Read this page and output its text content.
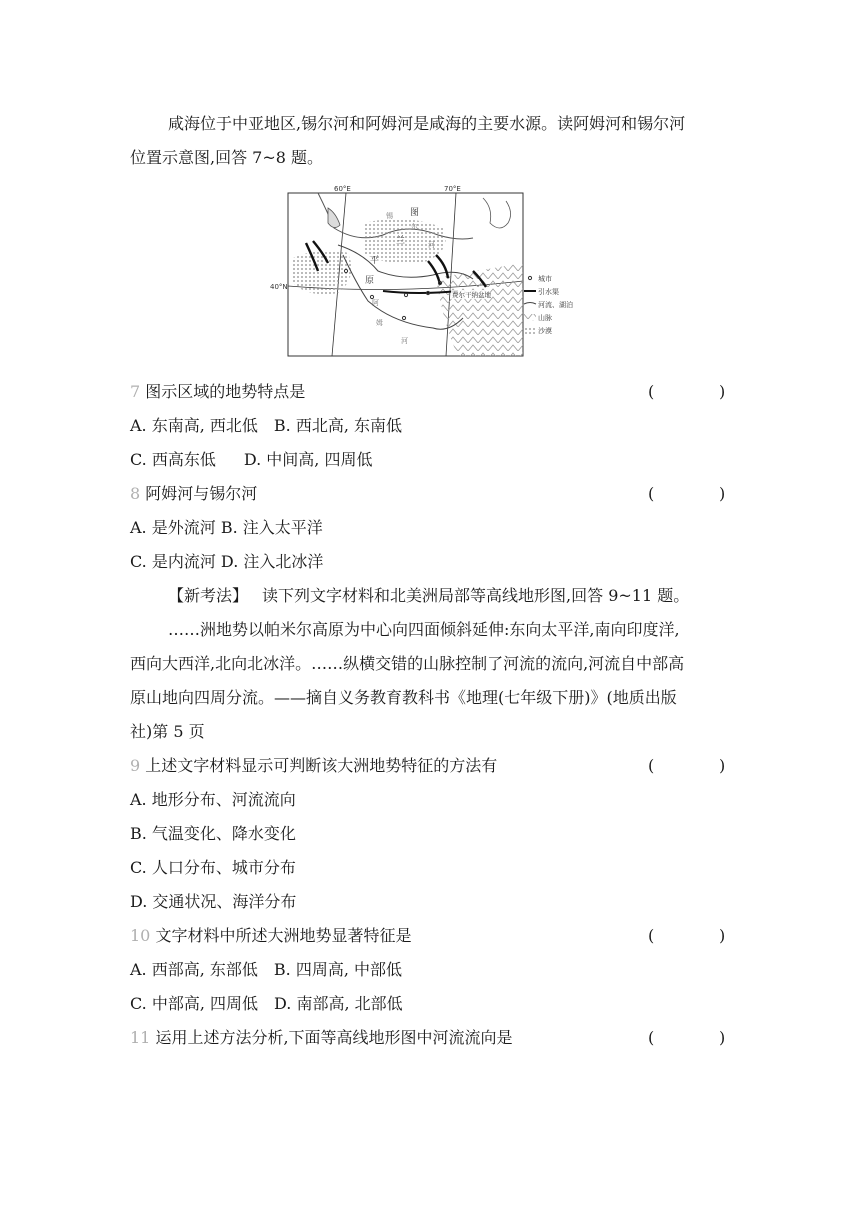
咸海位于中亚地区,锡尔河和阿姆河是咸海的主要水源。读阿姆河和锡尔河
位置示意图,回答 7~8 题。
60°E	70°E
40°N
图
兰
平
原
锡
尔
河
阿
姆
河
费尔干纳盆地
城市
引水渠
河流、湖泊
山脉
沙漠
7 图示区域的地势特点是	(	)
A. 东南高, 西北低 B. 西北高, 东南低
C. 西高东低 D. 中间高, 四周低
8 阿姆河与锡尔河	(	)
A. 是外流河 B. 注入太平洋
C. 是内流河 D. 注入北冰洋
【新考法】 读下列文字材料和北美洲局部等高线地形图,回答 9~11 题。
……洲地势以帕米尔高原为中心向四面倾斜延伸:东向太平洋,南向印度洋,
西向大西洋,北向北冰洋。……纵横交错的山脉控制了河流的流向,河流自中部高
原山地向四周分流。——摘自义务教育教科书《地理(七年级下册)》(地质出版
社)第 5 页
9 上述文字材料显示可判断该大洲地势特征的方法有	(	)
A. 地形分布、河流流向
B. 气温变化、降水变化
C. 人口分布、城市分布
D. 交通状况、海洋分布
10 文字材料中所述大洲地势显著特征是	(	)
A. 西部高, 东部低 B. 四周高, 中部低
C. 中部高, 四周低 D. 南部高, 北部低
11 运用上述方法分析,下面等高线地形图中河流流向是	(	)
